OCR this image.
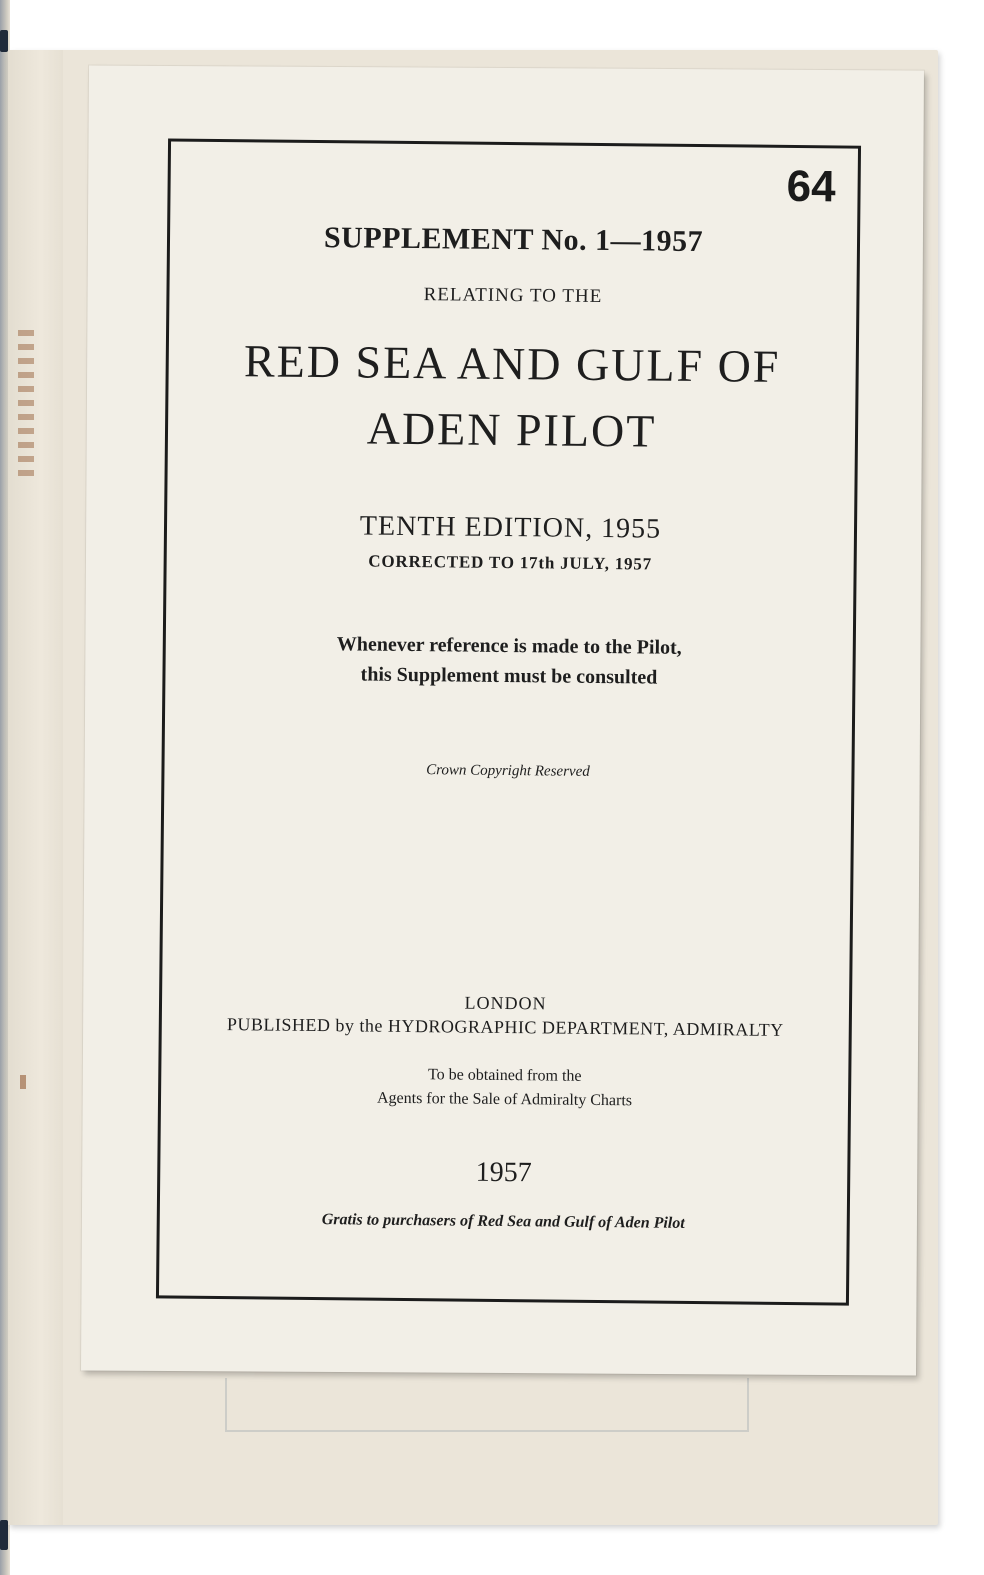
64
SUPPLEMENT No. 1—1957
RELATING TO THE
RED SEA AND GULF OF
ADEN PILOT
TENTH EDITION, 1955
CORRECTED TO 17th JULY, 1957
Whenever reference is made to the Pilot,
this Supplement must be consulted
Crown Copyright Reserved
LONDON
PUBLISHED by the HYDROGRAPHIC DEPARTMENT, ADMIRALTY
To be obtained from the
Agents for the Sale of Admiralty Charts
1957
Gratis to purchasers of Red Sea and Gulf of Aden Pilot
